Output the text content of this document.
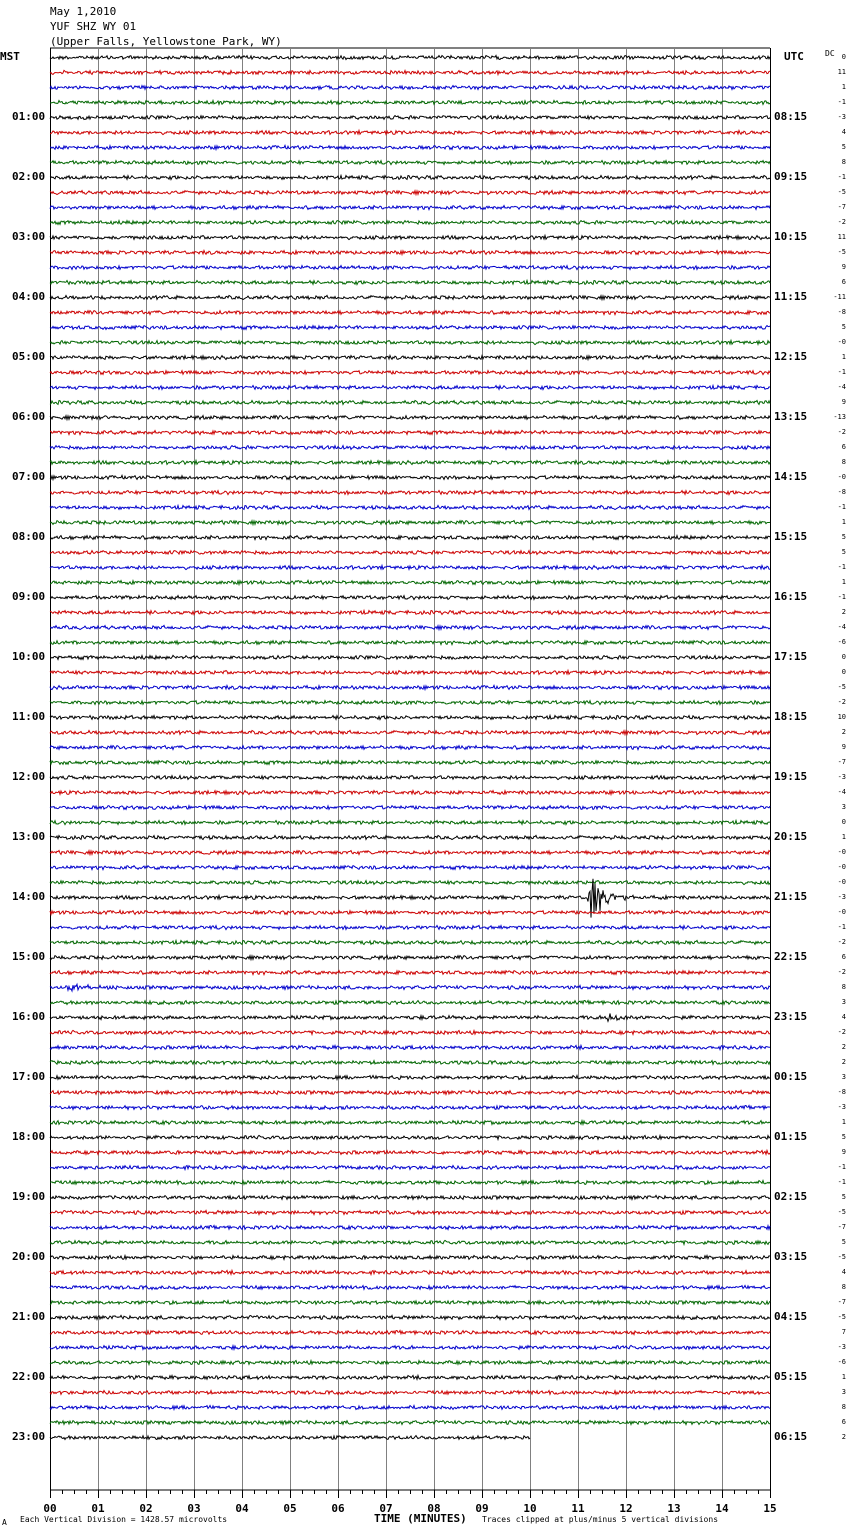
00	01	02	03	04	05	06	07	08	09	10	11	12	13	14	15
May 1,2010
YUF SHZ WY 01
(Upper Falls, Yellowstone Park, WY)
MST	UTC	DC
01:00
02:00
03:00
04:00
05:00
06:00
07:00
08:00
09:00
10:00
11:00
12:00
13:00
14:00
15:00
16:00
17:00
18:00
19:00
20:00
21:00
22:00
23:00
08:15
09:15
10:15
11:15
12:15
13:15
14:15
15:15
16:15
17:15
18:15
19:15
20:15
21:15
22:15
23:15
00:15
01:15
02:15
03:15
04:15
05:15
06:15
0
11
1
-1
-3
4
5
8
-1
-5
-7
-2
11
-5
9
6
-11
-8
5
-0
1
-1
-4
9
-13
-2
6
8
-0
-8
-1
1
5
5
-1
1
-1
2
-4
-6
0
0
-5
-2
10
2
9
-7
-3
-4
3
0
1
-0
-0
-0
-3
-0
-1
-2
6
-2
8
3
4
-2
2
2
3
-8
-3
1
5
9
-1
-1
5
-5
-7
5
-5
4
8
-7
-5
7
-3
-6
1
3
8
6
2
TIME (MINUTES)
A Each Vertical Division = 1428.57 microvolts	Traces clipped at plus/minus 5 vertical divisions
